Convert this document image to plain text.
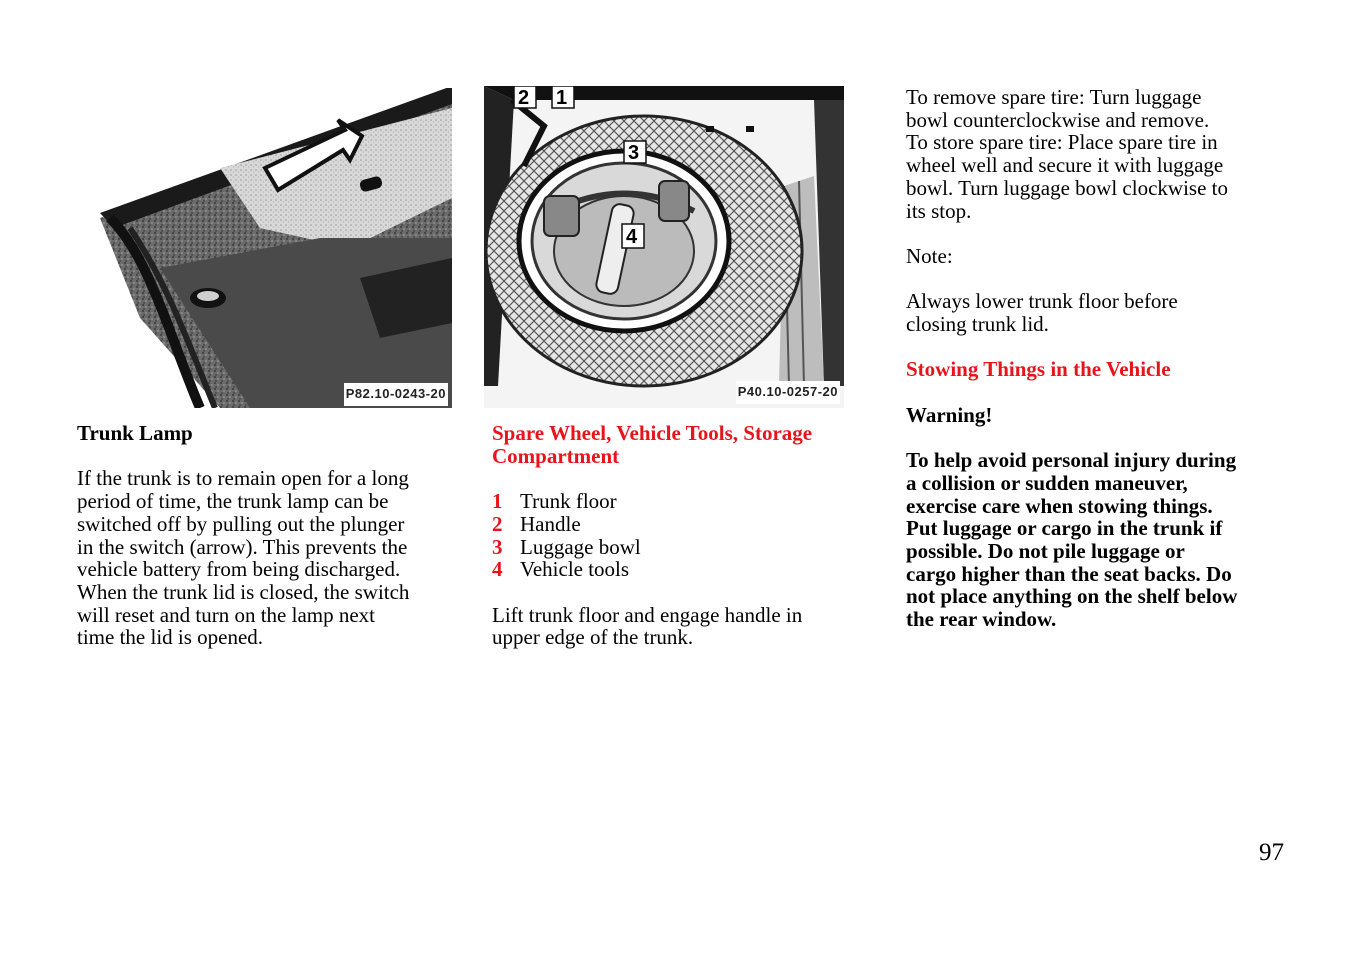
P82.10-0243-20
2 1
3
4
P40.10-0257-20

Trunk Lamp

If the trunk is to remain open for a long

period of time, the trunk lamp can be

switched off by pulling out the plunger

in the switch (arrow). This prevents the

vehicle battery from being discharged.

When the trunk lid is closed, the switch

will reset and turn on the lamp next

time the lid is opened.

Spare Wheel, Vehicle Tools, Storage

Compartment

1 Trunk floor
2 Handle
3 Luggage bowl
4 Vehicle tools

Lift trunk floor and engage handle in

upper edge of the trunk.

To remove spare tire: Turn luggage

bowl counterclockwise and remove.

To store spare tire: Place spare tire in

wheel well and secure it with luggage

bowl. Turn luggage bowl clockwise to

its stop.

Note:

Always lower trunk floor before

closing trunk lid.

Stowing Things in the Vehicle

Warning!

To help avoid personal injury during

a collision or sudden maneuver,

exercise care when stowing things.

Put luggage or cargo in the trunk if

possible. Do not pile luggage or

cargo higher than the seat backs. Do

not place anything on the shelf below

the rear window.

97
